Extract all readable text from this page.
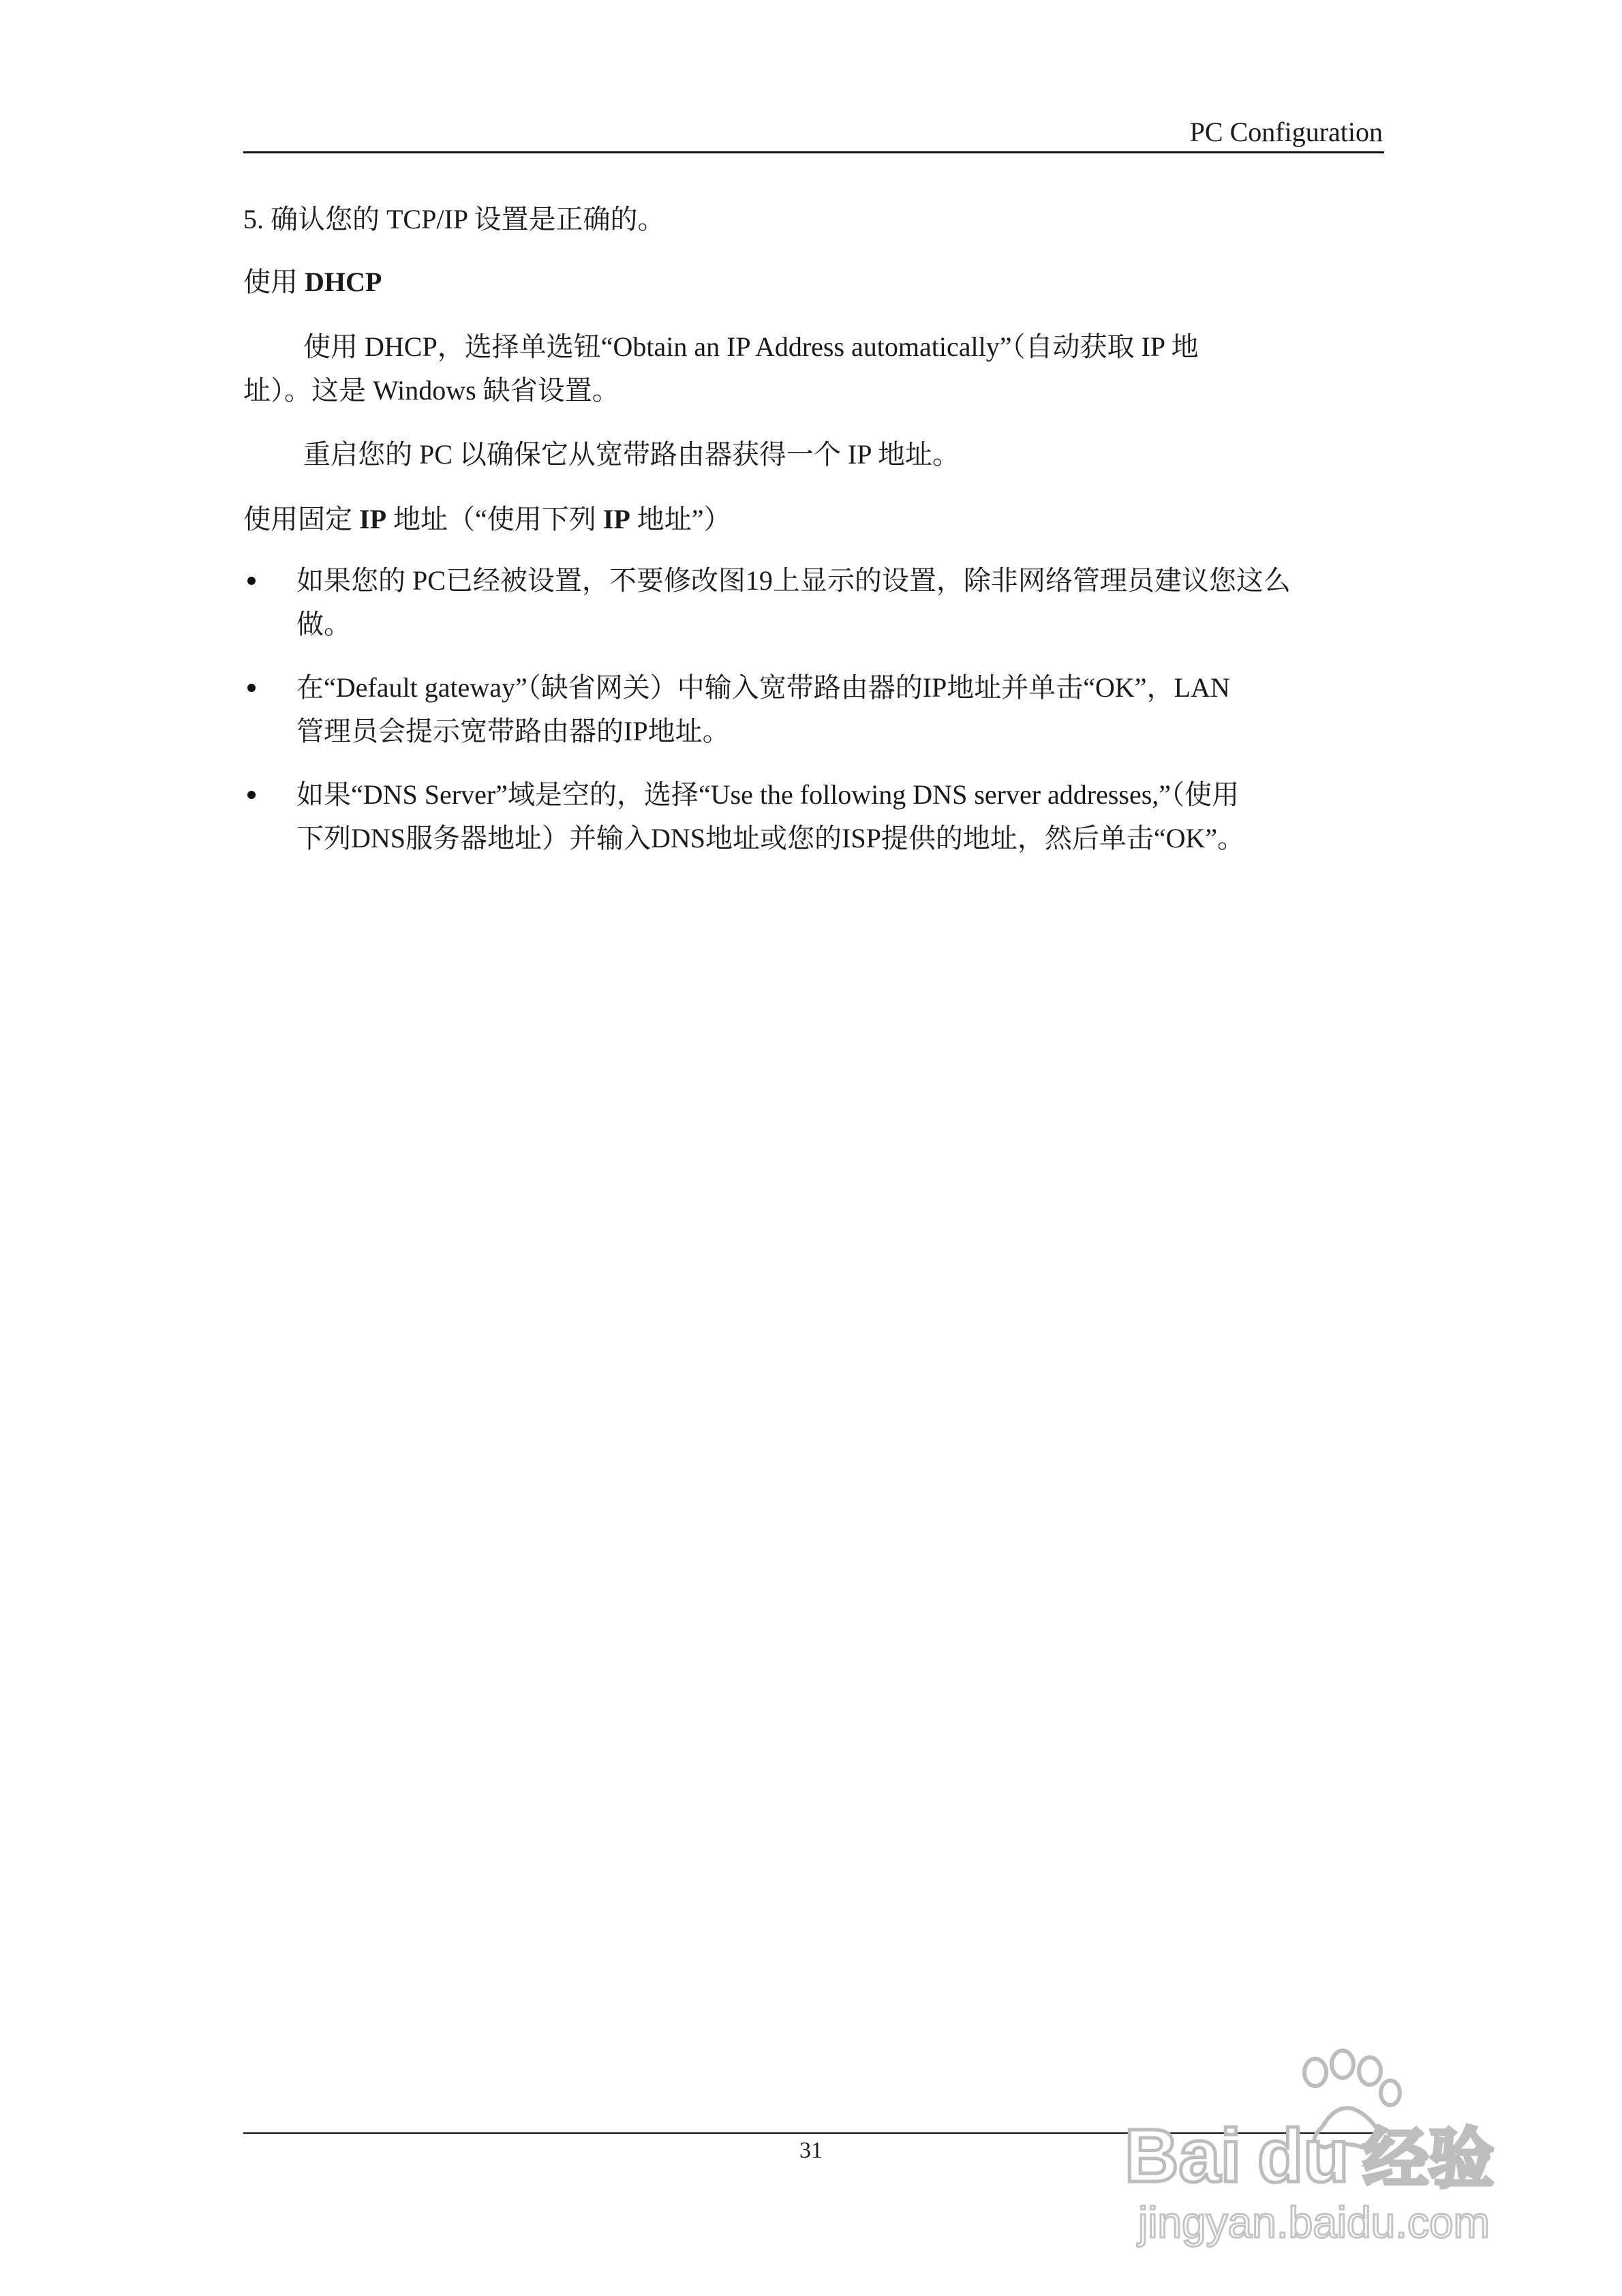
PC Configuration
5. 确认您的 TCP/IP 设置是正确的。
使用 DHCP
使用 DHCP，选择单选钮“Obtain an IP Address automatically”（自动获取 IP 地
址）。这是 Windows 缺省设置。
重启您的 PC 以确保它从宽带路由器获得一个 IP 地址。
使用固定 IP 地址（“使用下列 IP 地址”）
如果您的 PC已经被设置，不要修改图19上显示的设置，除非网络管理员建议您这么
做。
在“Default gateway”（缺省网关）中输入宽带路由器的IP地址并单击“OK”，LAN
管理员会提示宽带路由器的IP地址。
如果“DNS Server”域是空的，选择“Use the following DNS server addresses,”（使用
下列DNS服务器地址）并输入DNS地址或您的ISP提供的地址，然后单击“OK”。
31	Bai du 经验
jingyan.baidu.com
